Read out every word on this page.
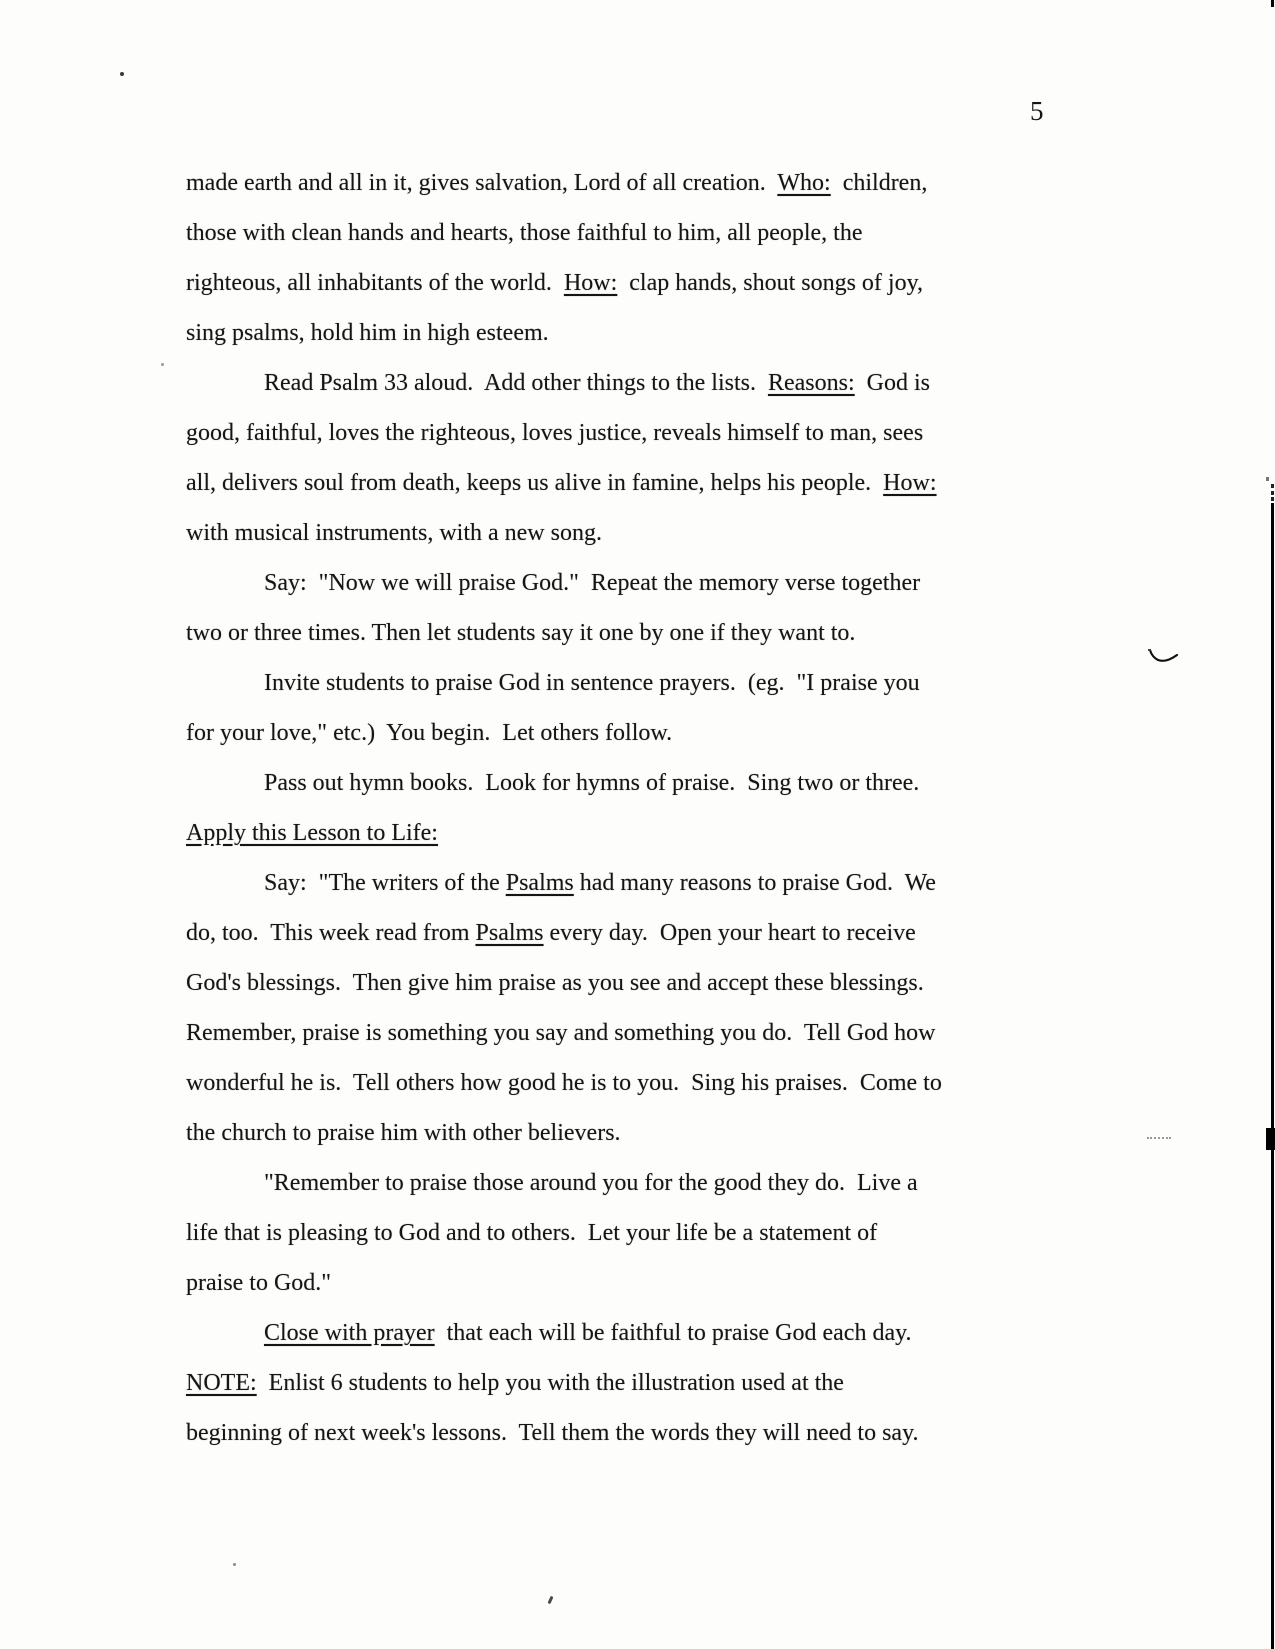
5
made earth and all in it, gives salvation, Lord of all creation.  Who:  children,
those with clean hands and hearts, those faithful to him, all people, the
righteous, all inhabitants of the world.  How:  clap hands, shout songs of joy,
sing psalms, hold him in high esteem.
Read Psalm 33 aloud.  Add other things to the lists.  Reasons:  God is
good, faithful, loves the righteous, loves justice, reveals himself to man, sees
all, delivers soul from death, keeps us alive in famine, helps his people.  How:
with musical instruments, with a new song.
Say:  "Now we will praise God."  Repeat the memory verse together
two or three times. Then let students say it one by one if they want to.
Invite students to praise God in sentence prayers.  (eg.  "I praise you
for your love," etc.)  You begin.  Let others follow.
Pass out hymn books.  Look for hymns of praise.  Sing two or three.
Apply this Lesson to Life:
Say:  "The writers of the Psalms had many reasons to praise God.  We
do, too.  This week read from Psalms every day.  Open your heart to receive
God's blessings.  Then give him praise as you see and accept these blessings.
Remember, praise is something you say and something you do.  Tell God how
wonderful he is.  Tell others how good he is to you.  Sing his praises.  Come to
the church to praise him with other believers.
"Remember to praise those around you for the good they do.  Live a
life that is pleasing to God and to others.  Let your life be a statement of
praise to God."
Close with prayer  that each will be faithful to praise God each day.
NOTE:  Enlist 6 students to help you with the illustration used at the
beginning of next week's lessons.  Tell them the words they will need to say.
